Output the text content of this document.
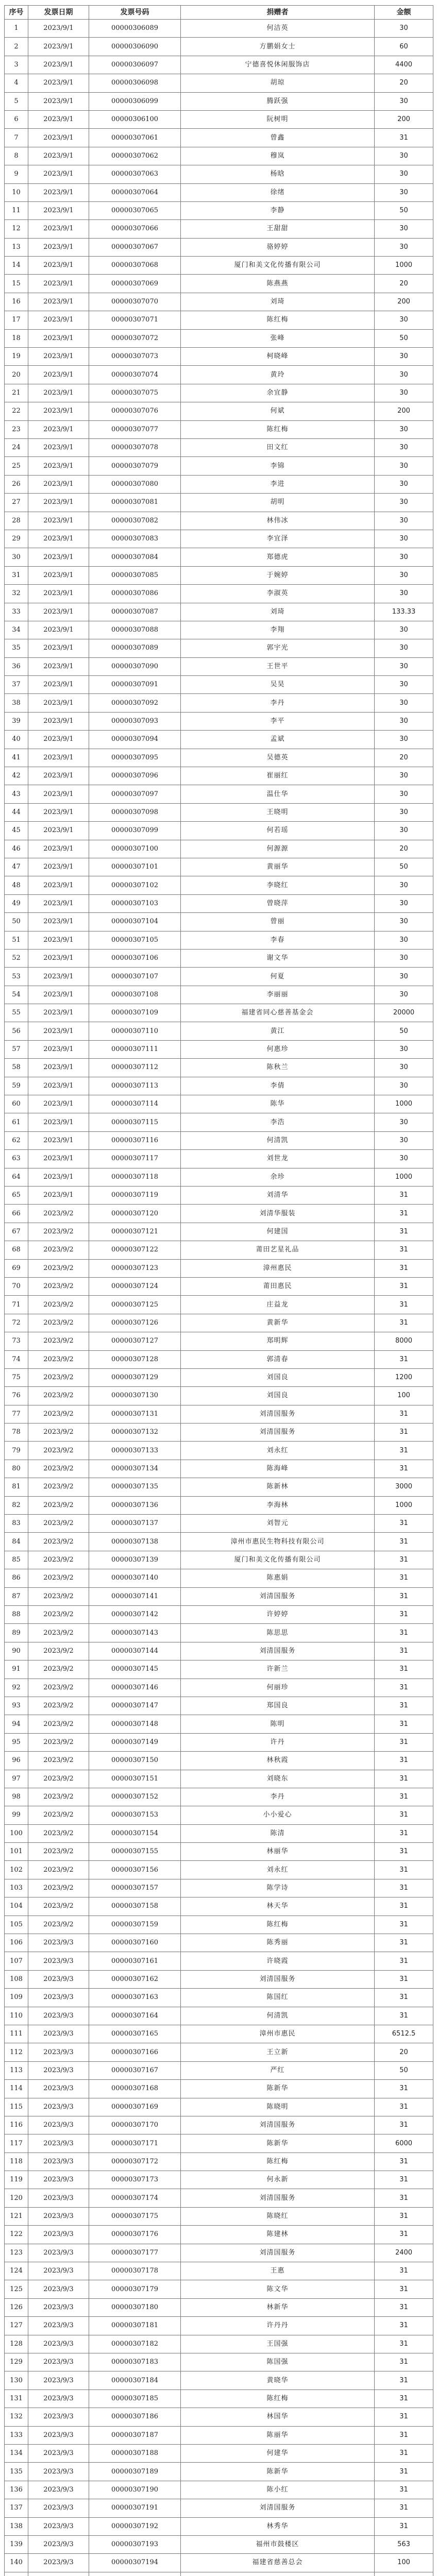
序号	发票日期	发票号码	捐赠者	金额
1	2023/9/1	00000306089	何洁英	30
2	2023/9/1	00000306090	方鹏娟女士	60
3	2023/9/1	00000306097	宁德喜悦休闲服饰店	4400
4	2023/9/1	00000306098	胡琼	20
5	2023/9/1	00000306099	腾跃强	30
6	2023/9/1	00000306100	阮树明	200
7	2023/9/1	00000307061	曾鑫	31
8	2023/9/1	00000307062	穆岚	30
9	2023/9/1	00000307063	杨晗	30
10	2023/9/1	00000307064	徐绪	30
11	2023/9/1	00000307065	李静	50
12	2023/9/1	00000307066	王甜甜	30
13	2023/9/1	00000307067	骆婷婷	30
14	2023/9/1	00000307068	厦门和美文化传播有限公司	1000
15	2023/9/1	00000307069	陈燕燕	20
16	2023/9/1	00000307070	刘琦	200
17	2023/9/1	00000307071	陈红梅	30
18	2023/9/1	00000307072	张峰	50
19	2023/9/1	00000307073	柯晓峰	30
20	2023/9/1	00000307074	黄玲	30
21	2023/9/1	00000307075	余宜静	30
22	2023/9/1	00000307076	何斌	200
23	2023/9/1	00000307077	陈红梅	30
24	2023/9/1	00000307078	田文红	30
25	2023/9/1	00000307079	李锦	30
26	2023/9/1	00000307080	李进	30
27	2023/9/1	00000307081	胡明	30
28	2023/9/1	00000307082	林伟冰	30
29	2023/9/1	00000307083	李宜泽	30
30	2023/9/1	00000307084	郑德虎	30
31	2023/9/1	00000307085	于婉婷	30
32	2023/9/1	00000307086	李淑英	30
33	2023/9/1	00000307087	刘琦	133.33
34	2023/9/1	00000307088	李翔	30
35	2023/9/1	00000307089	郭宇光	30
36	2023/9/1	00000307090	王世平	30
37	2023/9/1	00000307091	吴昊	30
38	2023/9/1	00000307092	李丹	30
39	2023/9/1	00000307093	李平	30
40	2023/9/1	00000307094	孟斌	30
41	2023/9/1	00000307095	吴德英	20
42	2023/9/1	00000307096	崔丽红	30
43	2023/9/1	00000307097	温仕华	30
44	2023/9/1	00000307098	王晓明	30
45	2023/9/1	00000307099	何若瑶	30
46	2023/9/1	00000307100	何源源	20
47	2023/9/1	00000307101	黄丽华	50
48	2023/9/1	00000307102	李晓红	30
49	2023/9/1	00000307103	曾晓萍	30
50	2023/9/1	00000307104	曾丽	30
51	2023/9/1	00000307105	李春	30
52	2023/9/1	00000307106	谢文华	30
53	2023/9/1	00000307107	何夏	30
54	2023/9/1	00000307108	李丽丽	30
55	2023/9/1	00000307109	福建省同心慈善基金会	20000
56	2023/9/1	00000307110	黄江	50
57	2023/9/1	00000307111	何惠珍	30
58	2023/9/1	00000307112	陈秋兰	30
59	2023/9/1	00000307113	李倩	30
60	2023/9/1	00000307114	陈华	1000
61	2023/9/1	00000307115	李浩	30
62	2023/9/1	00000307116	何清凯	30
63	2023/9/1	00000307117	刘世龙	30
64	2023/9/1	00000307118	余珍	1000
65	2023/9/1	00000307119	刘清华	31
66	2023/9/2	00000307120	刘清华服装	31
67	2023/9/2	00000307121	何建国	31
68	2023/9/2	00000307122	莆田艺星礼品	31
69	2023/9/2	00000307123	漳州惠民	31
70	2023/9/2	00000307124	莆田惠民	31
71	2023/9/2	00000307125	庄益龙	31
72	2023/9/2	00000307126	黄新华	31
73	2023/9/2	00000307127	郑明辉	8000
74	2023/9/2	00000307128	郭清春	31
75	2023/9/2	00000307129	刘国良	1200
76	2023/9/2	00000307130	刘国良	100
77	2023/9/2	00000307131	刘清国服务	31
78	2023/9/2	00000307132	刘清国服务	31
79	2023/9/2	00000307133	刘永红	31
80	2023/9/2	00000307134	陈海峰	31
81	2023/9/2	00000307135	陈新林	3000
82	2023/9/2	00000307136	李海林	1000
83	2023/9/2	00000307137	刘智元	31
84	2023/9/2	00000307138	漳州市惠民生物科技有限公司	31
85	2023/9/2	00000307139	厦门和美文化传播有限公司	31
86	2023/9/2	00000307140	陈惠娟	31
87	2023/9/2	00000307141	刘清国服务	31
88	2023/9/2	00000307142	许婷婷	31
89	2023/9/2	00000307143	陈思思	31
90	2023/9/2	00000307144	刘清国服务	31
91	2023/9/2	00000307145	许新兰	31
92	2023/9/2	00000307146	何丽珍	31
93	2023/9/2	00000307147	郑国良	31
94	2023/9/2	00000307148	陈明	31
95	2023/9/2	00000307149	许丹	31
96	2023/9/2	00000307150	林秋霞	31
97	2023/9/2	00000307151	刘晓东	31
98	2023/9/2	00000307152	李丹	31
99	2023/9/2	00000307153	小小爱心	31
100	2023/9/2	00000307154	陈清	31
101	2023/9/2	00000307155	林丽华	31
102	2023/9/2	00000307156	刘永红	31
103	2023/9/2	00000307157	陈学诗	31
104	2023/9/2	00000307158	林天华	31
105	2023/9/2	00000307159	陈红梅	31
106	2023/9/3	00000307160	陈秀丽	31
107	2023/9/3	00000307161	许晓霞	31
108	2023/9/3	00000307162	刘清国服务	31
109	2023/9/3	00000307163	陈国红	31
110	2023/9/3	00000307164	何清凯	31
111	2023/9/3	00000307165	漳州市惠民	6512.5
112	2023/9/3	00000307166	王立新	20
113	2023/9/3	00000307167	严红	50
114	2023/9/3	00000307168	陈新华	31
115	2023/9/3	00000307169	陈晓明	31
116	2023/9/3	00000307170	刘清国服务	31
117	2023/9/3	00000307171	陈新华	6000
118	2023/9/3	00000307172	陈红梅	31
119	2023/9/3	00000307173	何永新	31
120	2023/9/3	00000307174	刘清国服务	31
121	2023/9/3	00000307175	陈晓红	31
122	2023/9/3	00000307176	陈建林	31
123	2023/9/3	00000307177	刘清国服务	2400
124	2023/9/3	00000307178	王惠	31
125	2023/9/3	00000307179	陈文华	31
126	2023/9/3	00000307180	林新华	31
127	2023/9/3	00000307181	许丹丹	31
128	2023/9/3	00000307182	王国强	31
129	2023/9/3	00000307183	陈国强	31
130	2023/9/3	00000307184	黄晓华	31
131	2023/9/3	00000307185	陈红梅	31
132	2023/9/3	00000307186	林国华	31
133	2023/9/3	00000307187	陈丽华	31
134	2023/9/3	00000307188	何建华	31
135	2023/9/3	00000307189	陈新华	31
136	2023/9/3	00000307190	陈小红	31
137	2023/9/3	00000307191	刘清国服务	31
138	2023/9/3	00000307192	林秀华	31
139	2023/9/3	00000307193	福州市鼓楼区	563
140	2023/9/3	00000307194	福建省慈善总会	100
